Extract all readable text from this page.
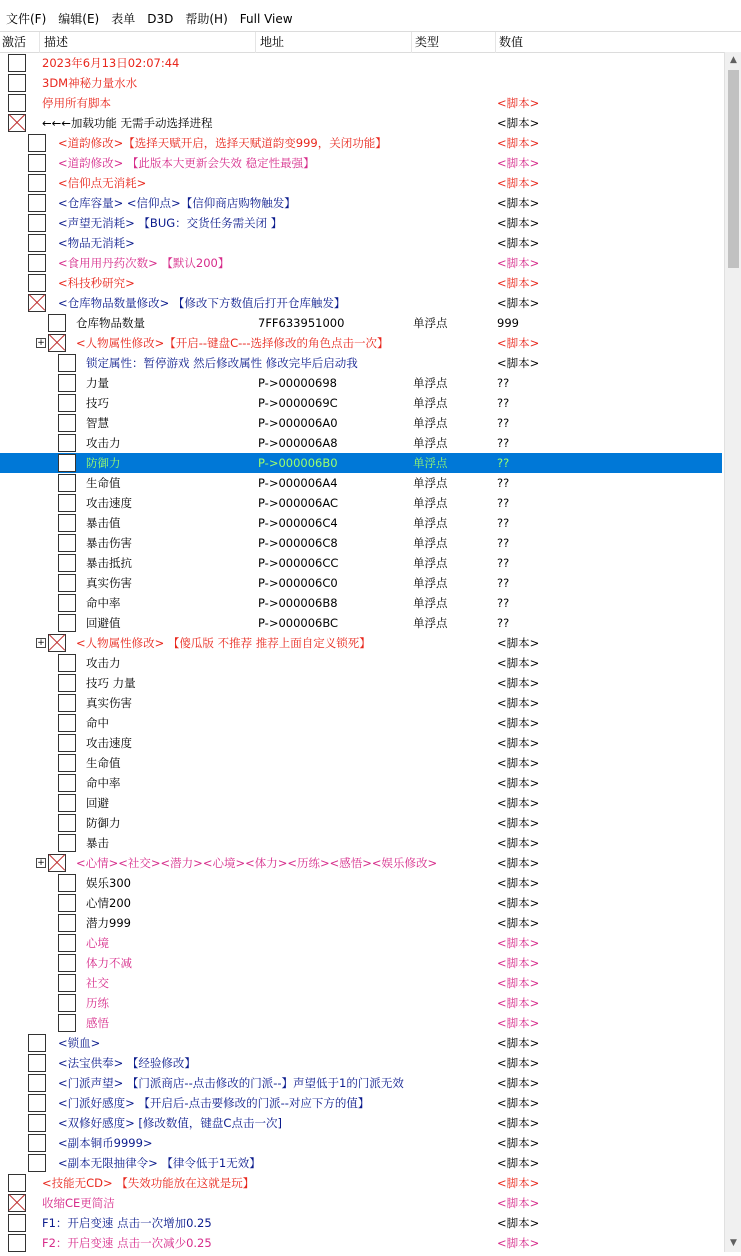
文件(F)	编辑(E)	表单	D3D	帮助(H)	Full View
激活	描述	地址	类型	数值
2023年6月13日02:07:44
3DM神秘力量水水
停用所有脚本	<脚本>
←←←加载功能 无需手动选择进程	<脚本>
<道韵修改>【选择天赋开启，选择天赋道韵变999，关闭功能】	<脚本>
<道韵修改> 【此版本大更新会失效 稳定性最强】	<脚本>
<信仰点无消耗>	<脚本>
<仓库容量> <信仰点>【信仰商店购物触发】	<脚本>
<声望无消耗> 【BUG：交货任务需关闭 】	<脚本>
<物品无消耗>	<脚本>
<食用用丹药次数> 【默认200】	<脚本>
<科技秒研究>	<脚本>
<仓库物品数量修改> 【修改下方数值后打开仓库触发】	<脚本>
仓库物品数量	7FF633951000	单浮点	999
+	<人物属性修改>【开启--键盘C---选择修改的角色点击一次】	<脚本>
锁定属性：暂停游戏 然后修改属性 修改完毕后启动我	<脚本>
力量	P->00000698	单浮点	??
技巧	P->0000069C	单浮点	??
智慧	P->000006A0	单浮点	??
攻击力	P->000006A8	单浮点	??
防御力	P->000006B0	单浮点	??
生命值	P->000006A4	单浮点	??
攻击速度	P->000006AC	单浮点	??
暴击值	P->000006C4	单浮点	??
暴击伤害	P->000006C8	单浮点	??
暴击抵抗	P->000006CC	单浮点	??
真实伤害	P->000006C0	单浮点	??
命中率	P->000006B8	单浮点	??
回避值	P->000006BC	单浮点	??
+	<人物属性修改> 【傻瓜版 不推荐 推荐上面自定义锁死】	<脚本>
攻击力	<脚本>
技巧 力量	<脚本>
真实伤害	<脚本>
命中	<脚本>
攻击速度	<脚本>
生命值	<脚本>
命中率	<脚本>
回避	<脚本>
防御力	<脚本>
暴击	<脚本>
+	<心情><社交><潜力><心境><体力><历练><感悟><娱乐修改>	<脚本>
娱乐300	<脚本>
心情200	<脚本>
潜力999	<脚本>
心境	<脚本>
体力不减	<脚本>
社交	<脚本>
历练	<脚本>
感悟	<脚本>
<锁血>	<脚本>
<法宝供奉> 【经验修改】	<脚本>
<门派声望> 【门派商店--点击修改的门派--】声望低于1的门派无效	<脚本>
<门派好感度> 【开启后-点击要修改的门派--对应下方的值】	<脚本>
<双修好感度> [修改数值，键盘C点击一次]	<脚本>
<副本铜币9999>	<脚本>
<副本无限抽律令> 【律令低于1无效】	<脚本>
<技能无CD> 【失效功能放在这就是玩】	<脚本>
收缩CE更简洁	<脚本>
F1：开启变速 点击一次增加0.25	<脚本>
F2：开启变速 点击一次减少0.25	<脚本>
▲
▼
